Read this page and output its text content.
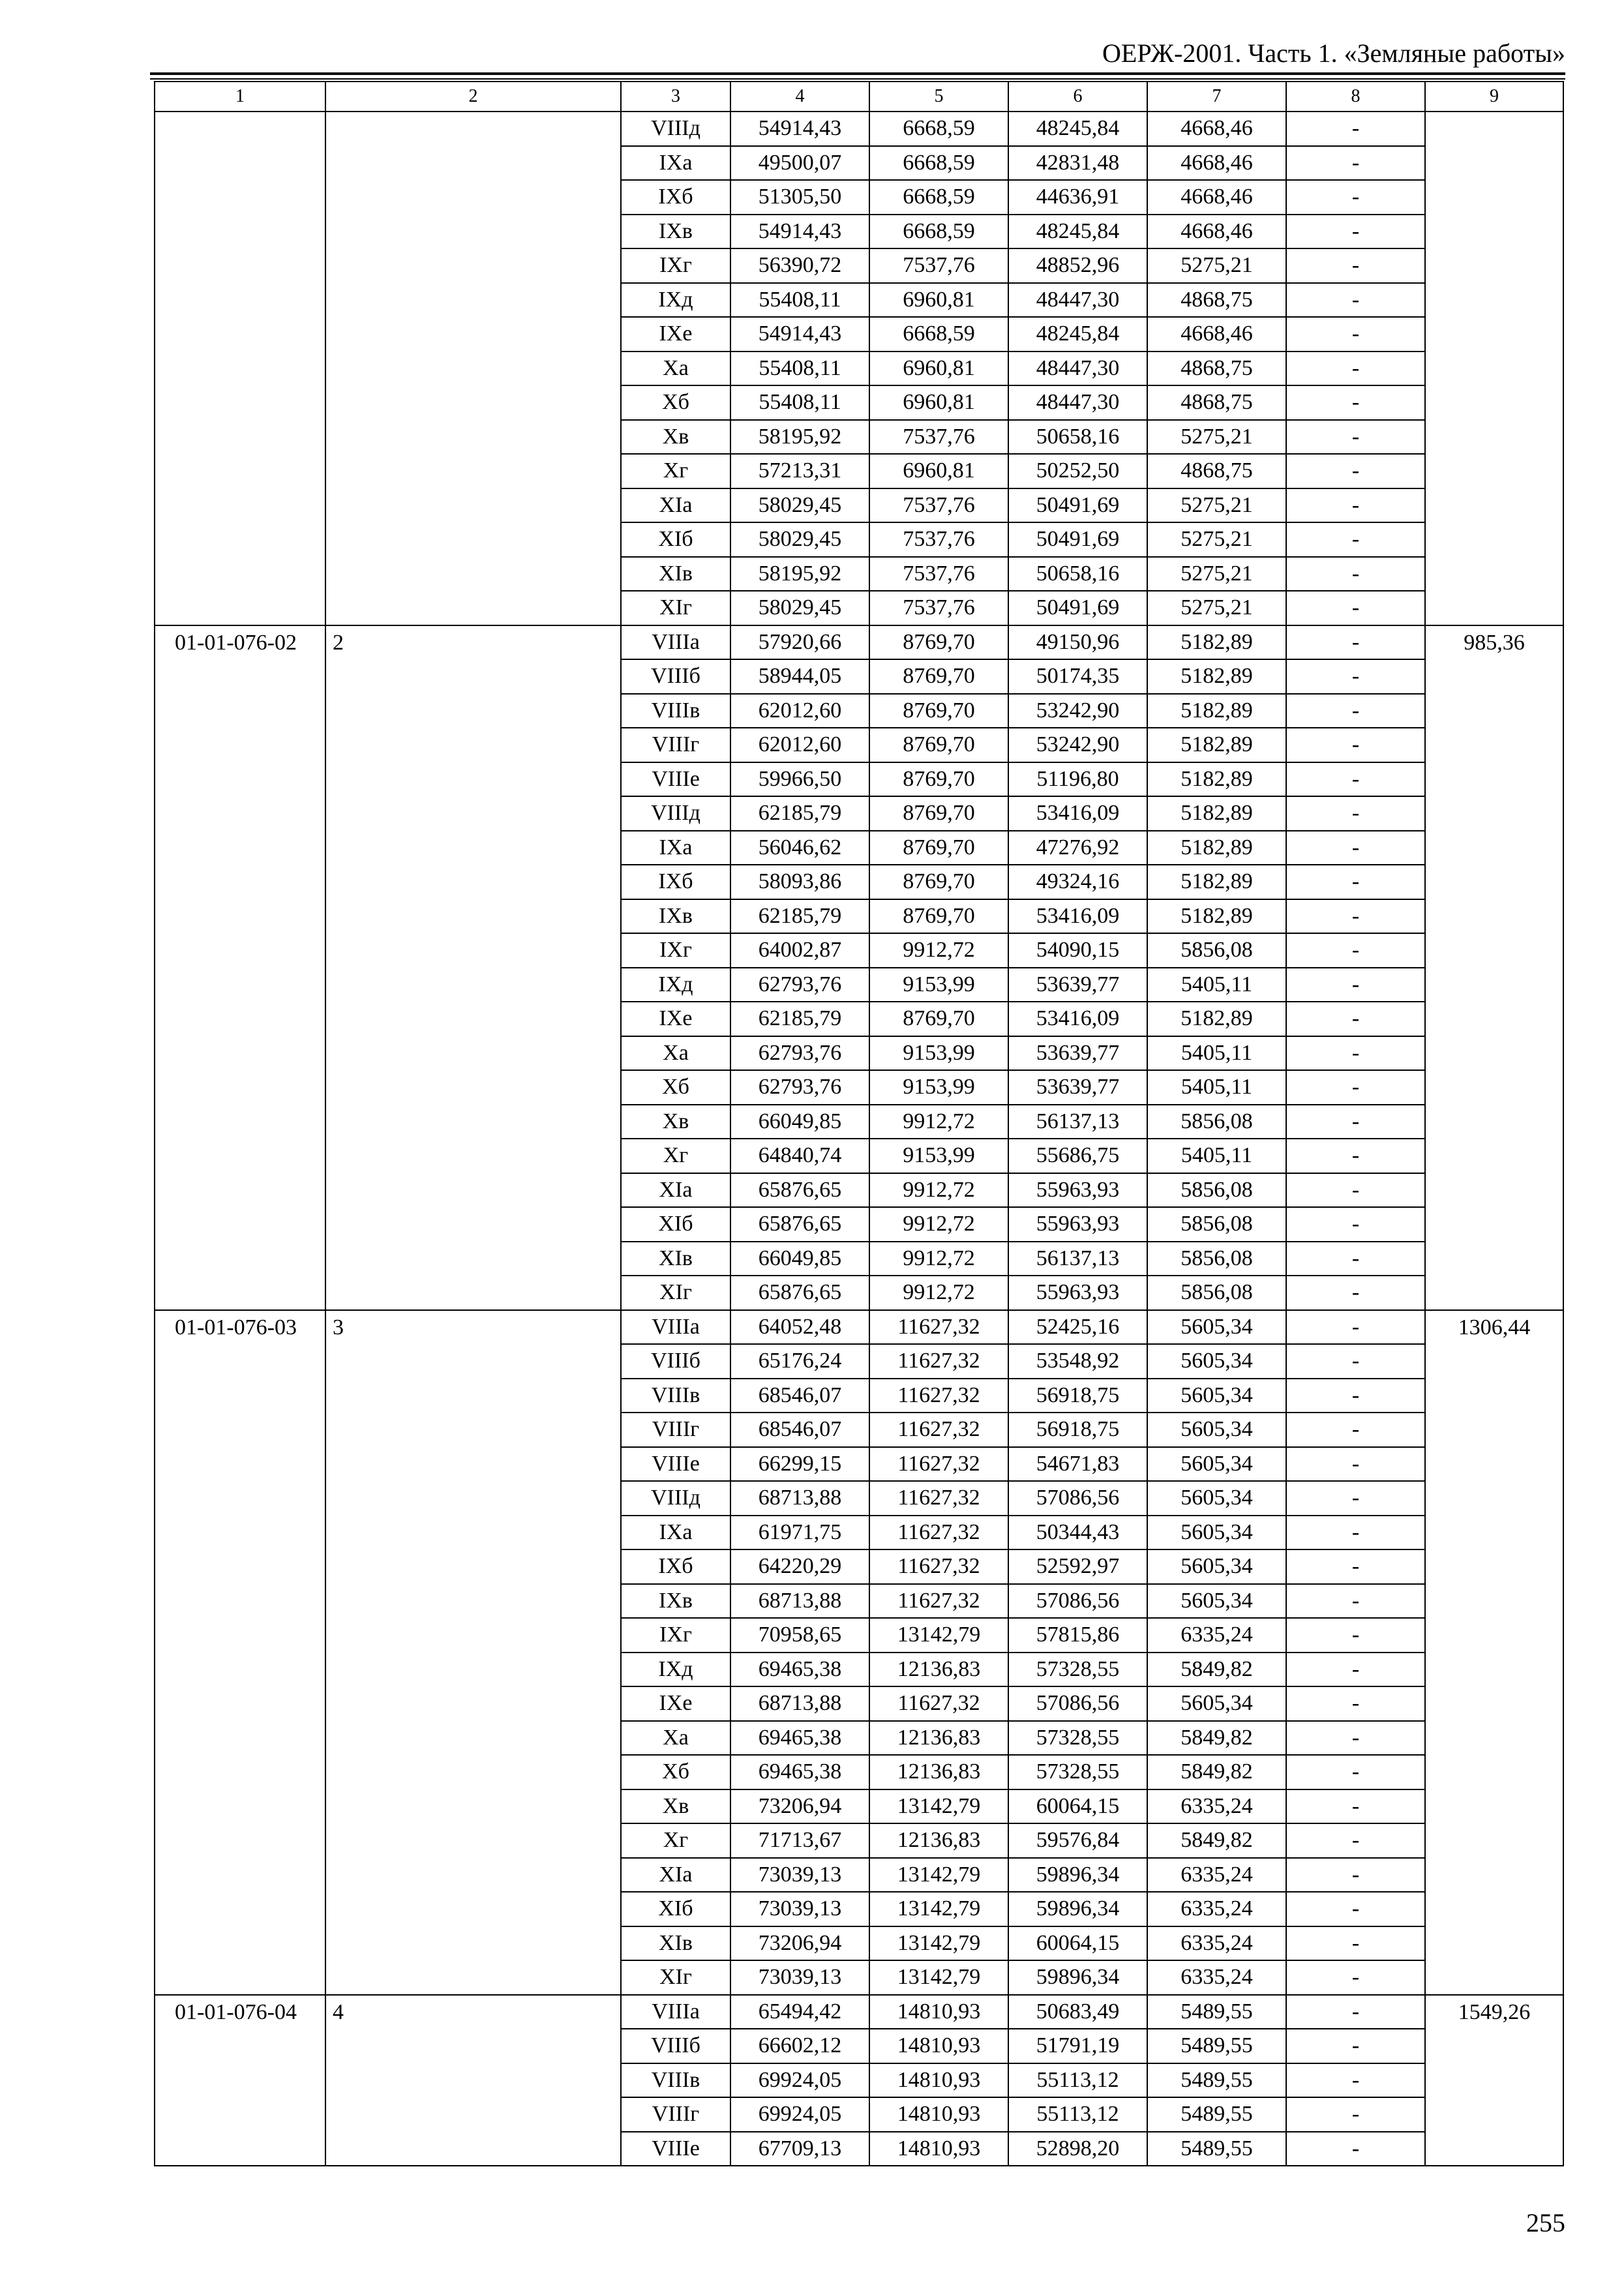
ОЕРЖ-2001. Часть 1. «Земляные работы»
1	2	3	4	5	6	7	8	9
		VIIIд	54914,43	6668,59	48245,84	4668,46	-	
		IXа	49500,07	6668,59	42831,48	4668,46	-	
		IXб	51305,50	6668,59	44636,91	4668,46	-	
		IXв	54914,43	6668,59	48245,84	4668,46	-	
		IXг	56390,72	7537,76	48852,96	5275,21	-	
		IXд	55408,11	6960,81	48447,30	4868,75	-	
		IXе	54914,43	6668,59	48245,84	4668,46	-	
		Xа	55408,11	6960,81	48447,30	4868,75	-	
		Xб	55408,11	6960,81	48447,30	4868,75	-	
		Xв	58195,92	7537,76	50658,16	5275,21	-	
		Xг	57213,31	6960,81	50252,50	4868,75	-	
		XIа	58029,45	7537,76	50491,69	5275,21	-	
		XIб	58029,45	7537,76	50491,69	5275,21	-	
		XIв	58195,92	7537,76	50658,16	5275,21	-	
		XIг	58029,45	7537,76	50491,69	5275,21	-	
01-01-076-02	2	VIIIа	57920,66	8769,70	49150,96	5182,89	-	985,36
		VIIIб	58944,05	8769,70	50174,35	5182,89	-	
		VIIIв	62012,60	8769,70	53242,90	5182,89	-	
		VIIIг	62012,60	8769,70	53242,90	5182,89	-	
		VIIIе	59966,50	8769,70	51196,80	5182,89	-	
		VIIIд	62185,79	8769,70	53416,09	5182,89	-	
		IXа	56046,62	8769,70	47276,92	5182,89	-	
		IXб	58093,86	8769,70	49324,16	5182,89	-	
		IXв	62185,79	8769,70	53416,09	5182,89	-	
		IXг	64002,87	9912,72	54090,15	5856,08	-	
		IXд	62793,76	9153,99	53639,77	5405,11	-	
		IXе	62185,79	8769,70	53416,09	5182,89	-	
		Xа	62793,76	9153,99	53639,77	5405,11	-	
		Xб	62793,76	9153,99	53639,77	5405,11	-	
		Xв	66049,85	9912,72	56137,13	5856,08	-	
		Xг	64840,74	9153,99	55686,75	5405,11	-	
		XIа	65876,65	9912,72	55963,93	5856,08	-	
		XIб	65876,65	9912,72	55963,93	5856,08	-	
		XIв	66049,85	9912,72	56137,13	5856,08	-	
		XIг	65876,65	9912,72	55963,93	5856,08	-	
01-01-076-03	3	VIIIа	64052,48	11627,32	52425,16	5605,34	-	1306,44
		VIIIб	65176,24	11627,32	53548,92	5605,34	-	
		VIIIв	68546,07	11627,32	56918,75	5605,34	-	
		VIIIг	68546,07	11627,32	56918,75	5605,34	-	
		VIIIе	66299,15	11627,32	54671,83	5605,34	-	
		VIIIд	68713,88	11627,32	57086,56	5605,34	-	
		IXа	61971,75	11627,32	50344,43	5605,34	-	
		IXб	64220,29	11627,32	52592,97	5605,34	-	
		IXв	68713,88	11627,32	57086,56	5605,34	-	
		IXг	70958,65	13142,79	57815,86	6335,24	-	
		IXд	69465,38	12136,83	57328,55	5849,82	-	
		IXе	68713,88	11627,32	57086,56	5605,34	-	
		Xа	69465,38	12136,83	57328,55	5849,82	-	
		Xб	69465,38	12136,83	57328,55	5849,82	-	
		Xв	73206,94	13142,79	60064,15	6335,24	-	
		Xг	71713,67	12136,83	59576,84	5849,82	-	
		XIа	73039,13	13142,79	59896,34	6335,24	-	
		XIб	73039,13	13142,79	59896,34	6335,24	-	
		XIв	73206,94	13142,79	60064,15	6335,24	-	
		XIг	73039,13	13142,79	59896,34	6335,24	-	
01-01-076-04	4	VIIIа	65494,42	14810,93	50683,49	5489,55	-	1549,26
		VIIIб	66602,12	14810,93	51791,19	5489,55	-	
		VIIIв	69924,05	14810,93	55113,12	5489,55	-	
		VIIIг	69924,05	14810,93	55113,12	5489,55	-	
		VIIIе	67709,13	14810,93	52898,20	5489,55	-	
255
